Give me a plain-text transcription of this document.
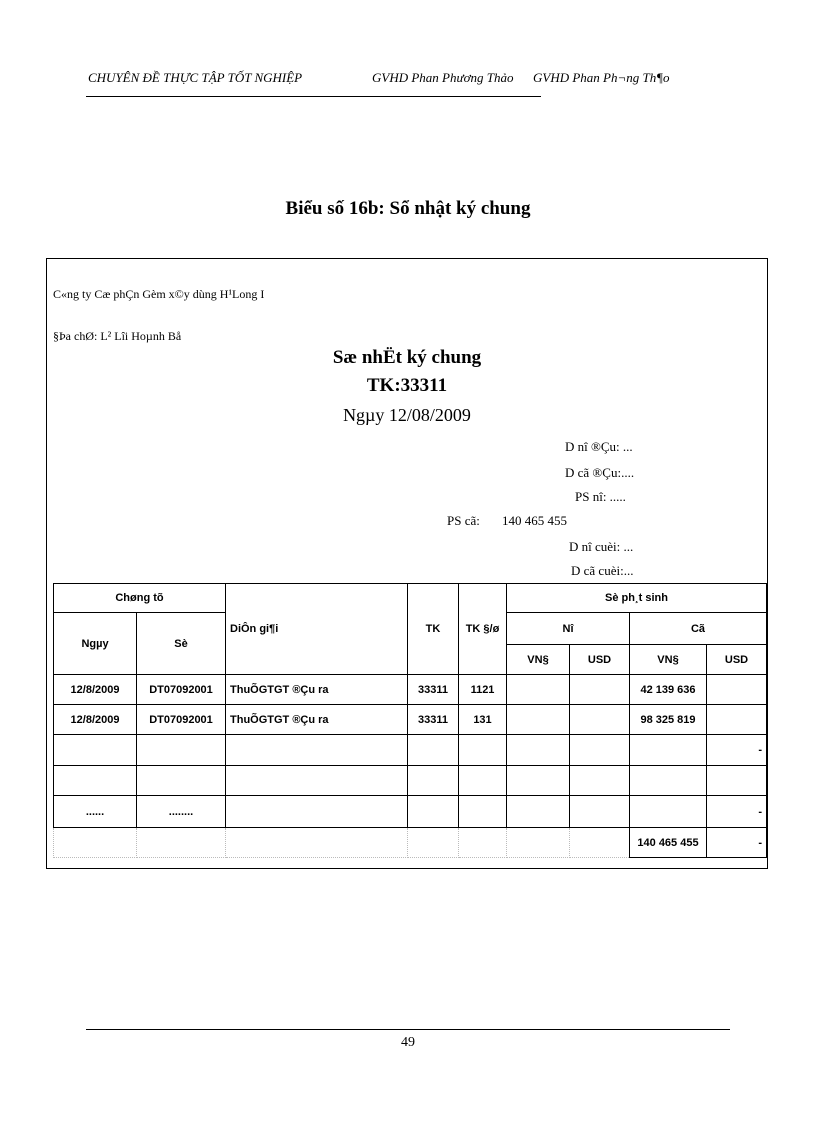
CHUYÊN ĐỀ THỰC TẬP TỐT NGHIỆP	GVHD Phan Phương Thảo GVHD Phan Ph¬ng Th¶o
Biểu số 16b: Sổ nhật ký chung
C«ng ty Cæ phÇn Gèm x©y dùng H¹Long I
§Þa chØ: L² Lîi Hoµnh Bå
Sæ nhËt ký chung
TK:33311
Ngµy 12/08/2009
D nî ®Çu: ...
D cã ®Çu:....
PS nî: .....
PS cã: 140 465 455
D nî cuèi: ...
D cã cuèi:...
Chøng tõ		DiÔn gi¶i	TK	TK §/ø	Sè ph¸t sinh			
Ngµy	Sè				Nî		Cã	
					VN§	USD	VN§	USD
12/8/2009	DT07092001	ThuÕGTGT ®Çu ra	33311	1121			42 139 636	
12/8/2009	DT07092001	ThuÕGTGT ®Çu ra	33311	131			98 325 819	
								-

......	........							-
							140 465 455	-
49
